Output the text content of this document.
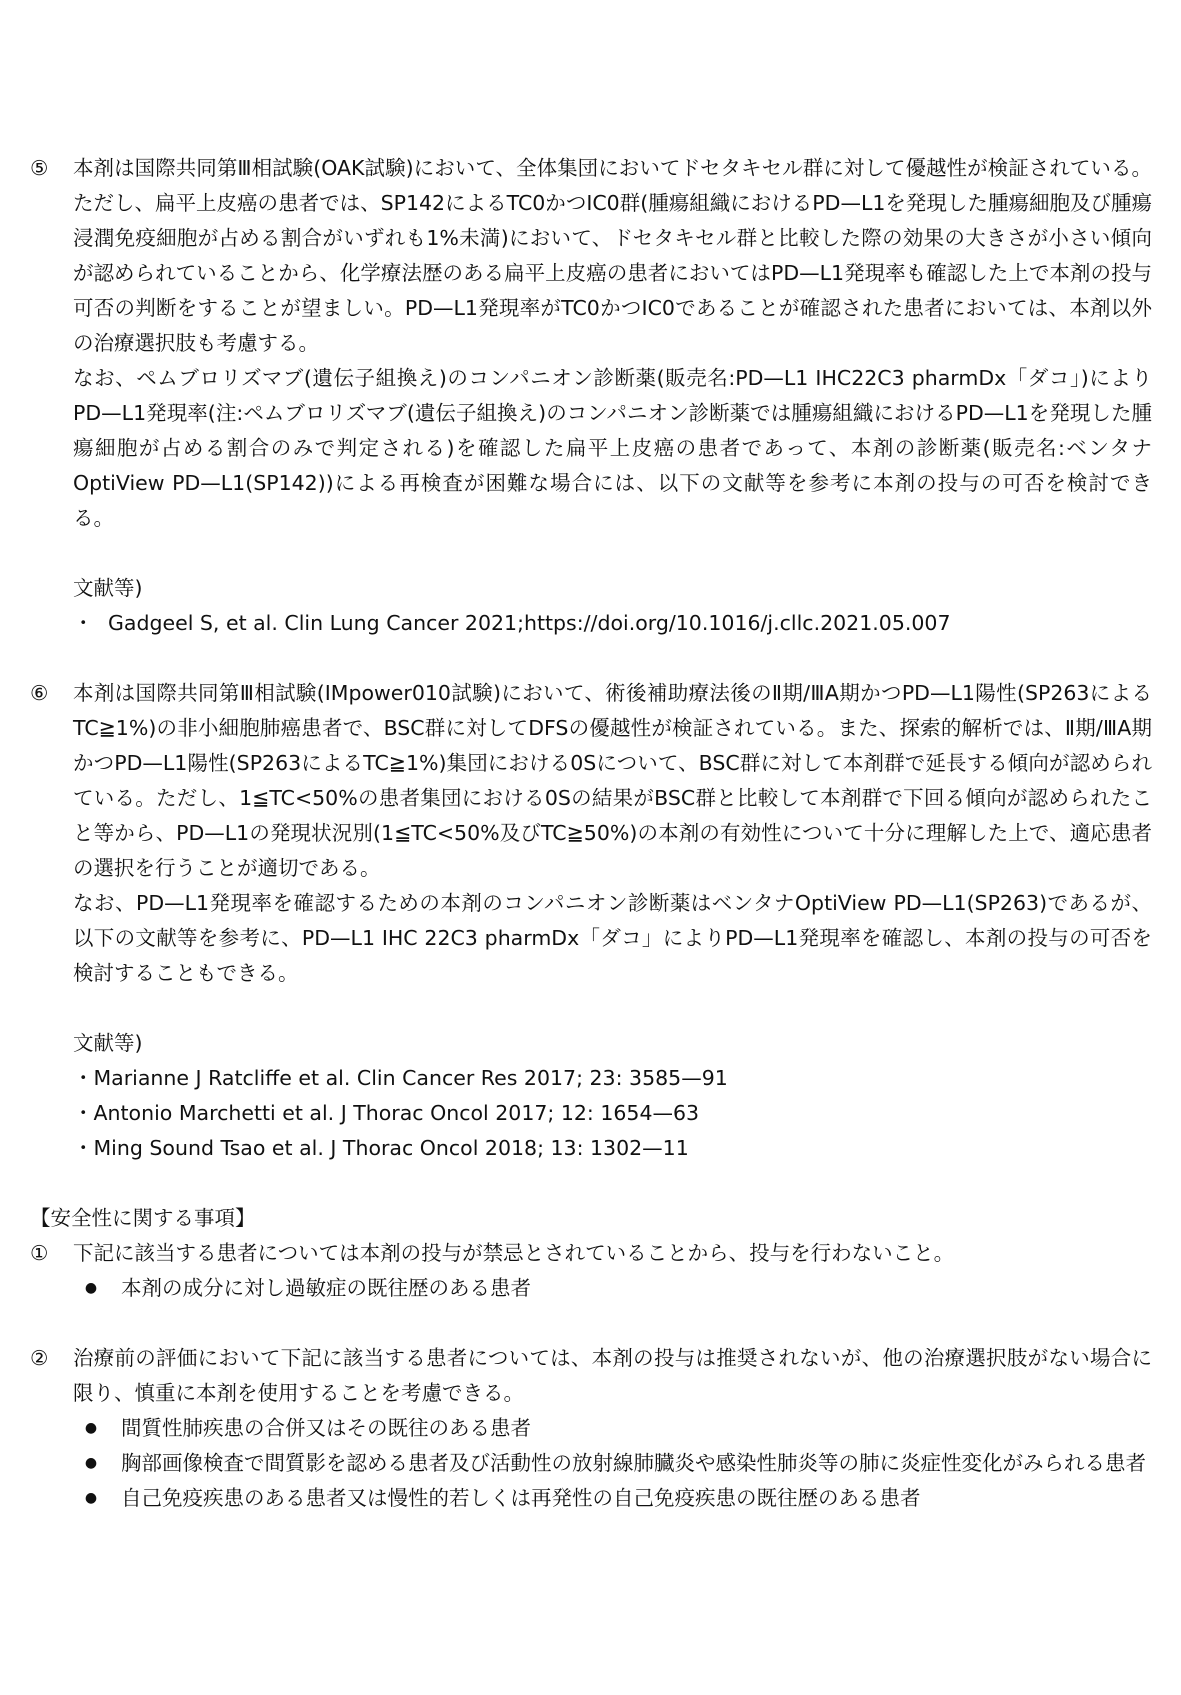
⑤	本剤は国際共同第Ⅲ相試験(OAK試験)において、全体集団においてドセタキセル群に対して優越性が検証されている。ただし、扁平上皮癌の患者では、SP142によるTC0かつIC0群(腫瘍組織におけるPD—L1を発現した腫瘍細胞及び腫瘍浸潤免疫細胞が占める割合がいずれも1%未満)において、ドセタキセル群と比較した際の効果の大きさが小さい傾向が認められていることから、化学療法歴のある扁平上皮癌の患者においてはPD—L1発現率も確認した上で本剤の投与可否の判断をすることが望ましい。PD—L1発現率がTC0かつIC0であることが確認された患者においては、本剤以外の治療選択肢も考慮する。

なお、ペムブロリズマブ(遺伝子組換え)のコンパニオン診断薬(販売名:PD—L1 IHC22C3 pharmDx「ダコ」)によりPD—L1発現率(注:ペムブロリズマブ(遺伝子組換え)のコンパニオン診断薬では腫瘍組織におけるPD—L1を発現した腫瘍細胞が占める割合のみで判定される)を確認した扁平上皮癌の患者であって、本剤の診断薬(販売名:ベンタナOptiView PD—L1(SP142))による再検査が困難な場合には、以下の文献等を参考に本剤の投与の可否を検討できる。

文献等)

・ Gadgeel S, et al. Clin Lung Cancer 2021;https://doi.org/10.1016/j.cllc.2021.05.007

⑥	本剤は国際共同第Ⅲ相試験(IMpower010試験)において、術後補助療法後のⅡ期/ⅢA期かつPD—L1陽性(SP263によるTC≧1%)の非小細胞肺癌患者で、BSC群に対してDFSの優越性が検証されている。また、探索的解析では、Ⅱ期/ⅢA期かつPD—L1陽性(SP263によるTC≧1%)集団における0Sについて、BSC群に対して本剤群で延長する傾向が認められている。ただし、1≦TC<50%の患者集団における0Sの結果がBSC群と比較して本剤群で下回る傾向が認められたこと等から、PD—L1の発現状況別(1≦TC<50%及びTC≧50%)の本剤の有効性について十分に理解した上で、適応患者の選択を行うことが適切である。

なお、PD—L1発現率を確認するための本剤のコンパニオン診断薬はベンタナOptiView PD—L1(SP263)であるが、以下の文献等を参考に、PD—L1 IHC 22C3 pharmDx「ダコ」によりPD—L1発現率を確認し、本剤の投与の可否を検討することもできる。

文献等)

・Marianne J Ratcliffe et al. Clin Cancer Res 2017; 23: 3585—91

・Antonio Marchetti et al. J Thorac Oncol 2017; 12: 1654—63

・Ming Sound Tsao et al. J Thorac Oncol 2018; 13: 1302—11

【安全性に関する事項】

①	下記に該当する患者については本剤の投与が禁忌とされていることから、投与を行わないこと。

●	本剤の成分に対し過敏症の既往歴のある患者
②	治療前の評価において下記に該当する患者については、本剤の投与は推奨されないが、他の治療選択肢がない場合に限り、慎重に本剤を使用することを考慮できる。

●	間質性肺疾患の合併又はその既往のある患者
●	胸部画像検査で間質影を認める患者及び活動性の放射線肺臓炎や感染性肺炎等の肺に炎症性変化がみられる患者
●	自己免疫疾患のある患者又は慢性的若しくは再発性の自己免疫疾患の既往歴のある患者
